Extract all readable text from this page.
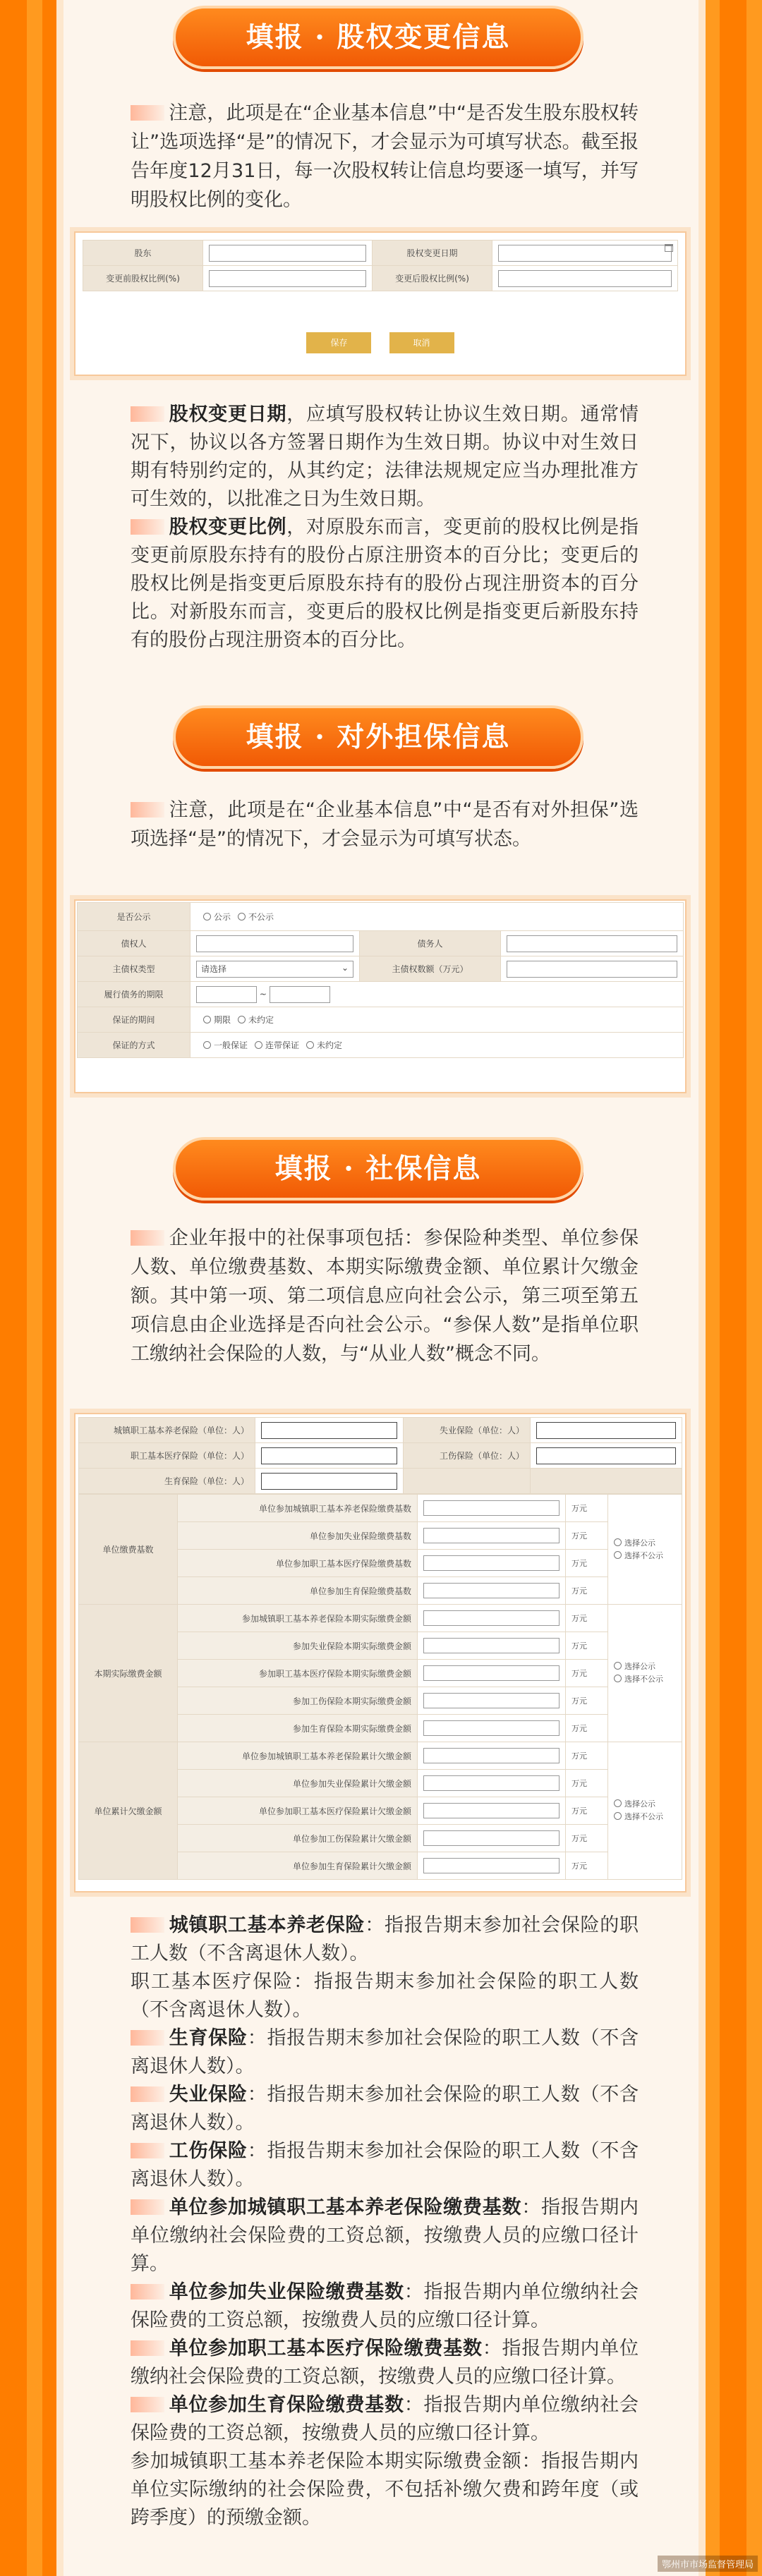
填报 · 股权变更信息
注意，此项是在“企业基本信息”中“是否发生股东股权转让”选项选择“是”的情况下，才会显示为可填写状态。截至报告年度12月31日，每一次股权转让信息均要逐一填写，并写明股权比例的变化。
股东		股权变更日期	

变更前股权比例(%)		变更后股权比例(%)	
保存	取消
股权变更日期，应填写股权转让协议生效日期。通常情况下，协议以各方签署日期作为生效日期。协议中对生效日期有特别约定的，从其约定；法律法规规定应当办理批准方可生效的，以批准之日为生效日期。
股权变更比例，对原股东而言，变更前的股权比例是指变更前原股东持有的股份占原注册资本的百分比；变更后的股权比例是指变更后原股东持有的股份占现注册资本的百分比。对新股东而言，变更后的股权比例是指变更后新股东持有的股份占现注册资本的百分比。
填报 · 对外担保信息
注意，此项是在“企业基本信息”中“是否有对外担保”选项选择“是”的情况下，才会显示为可填写状态。
是否公示	公示 不公示		
债权人		债务人	
主债权类型	请选择 ⌄	主债权数额（万元）	
履行债务的期限	~		
保证的期间	期限 未约定		
保证的方式	一般保证 连带保证 未约定		
填报 · 社保信息
企业年报中的社保事项包括：参保险种类型、单位参保人数、单位缴费基数、本期实际缴费金额、单位累计欠缴金额。其中第一项、第二项信息应向社会公示，第三项至第五项信息由企业选择是否向社会公示。“参保人数”是指单位职工缴纳社会保险的人数，与“从业人数”概念不同。
城镇职工基本养老保险（单位：人）		失业保险（单位：人）	
职工基本医疗保险（单位：人）		工伤保险（单位：人）	
生育保险（单位：人）			
单位缴费基数	单位参加城镇职工基本养老保险缴费基数		万元	选择公示
选择不公示

	单位参加失业保险缴费基数		万元	
	单位参加职工基本医疗保险缴费基数		万元	
	单位参加生育保险缴费基数		万元	
本期实际缴费金额	参加城镇职工基本养老保险本期实际缴费金额		万元	选择公示
选择不公示

	参加失业保险本期实际缴费金额		万元	
	参加职工基本医疗保险本期实际缴费金额		万元	
	参加工伤保险本期实际缴费金额		万元	
	参加生育保险本期实际缴费金额		万元	
单位累计欠缴金额	单位参加城镇职工基本养老保险累计欠缴金额		万元	选择公示
选择不公示

	单位参加失业保险累计欠缴金额		万元	
	单位参加职工基本医疗保险累计欠缴金额		万元	
	单位参加工伤保险累计欠缴金额		万元	
	单位参加生育保险累计欠缴金额		万元	
城镇职工基本养老保险：指报告期末参加社会保险的职工人数（不含离退休人数）。
职工基本医疗保险：指报告期末参加社会保险的职工人数（不含离退休人数）。
生育保险：指报告期末参加社会保险的职工人数（不含离退休人数）。
失业保险：指报告期末参加社会保险的职工人数（不含离退休人数）。
工伤保险：指报告期末参加社会保险的职工人数（不含离退休人数）。
单位参加城镇职工基本养老保险缴费基数：指报告期内单位缴纳社会保险费的工资总额，按缴费人员的应缴口径计算。
单位参加失业保险缴费基数：指报告期内单位缴纳社会保险费的工资总额，按缴费人员的应缴口径计算。
单位参加职工基本医疗保险缴费基数：指报告期内单位缴纳社会保险费的工资总额，按缴费人员的应缴口径计算。
单位参加生育保险缴费基数：指报告期内单位缴纳社会保险费的工资总额，按缴费人员的应缴口径计算。
参加城镇职工基本养老保险本期实际缴费金额：指报告期内单位实际缴纳的社会保险费，不包括补缴欠费和跨年度（或跨季度）的预缴金额。
鄂州市市场监督管理局
